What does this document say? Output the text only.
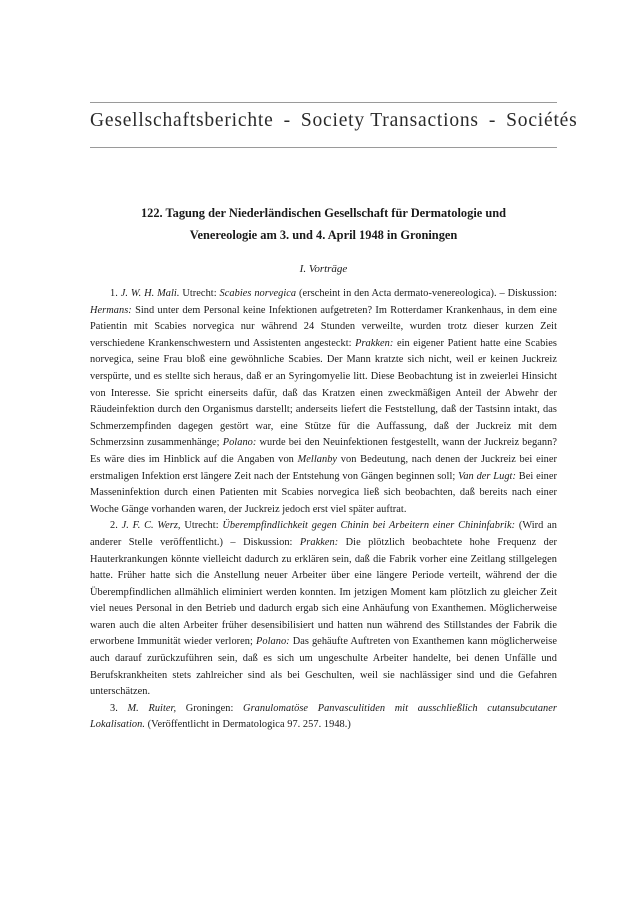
Gesellschaftsberichte - Society Transactions - Sociétés
122. Tagung der Niederländischen Gesellschaft für Dermatologie und
Venereologie am 3. und 4. April 1948 in Groningen
I. Vorträge

1. J. W. H. Mali. Utrecht: Scabies norvegica (erscheint in den Acta dermato-venereologica). – Diskussion: Hermans: Sind unter dem Personal keine Infektionen aufgetreten? Im Rotterdamer Krankenhaus, in dem eine Patientin mit Scabies norvegica nur während 24 Stunden verweilte, wurden trotz dieser kurzen Zeit verschiedene Krankenschwestern und Assistenten angesteckt: Prakken: ein eigener Patient hatte eine Scabies norvegica, seine Frau bloß eine gewöhnliche Scabies. Der Mann kratzte sich nicht, weil er keinen Juckreiz verspürte, und es stellte sich heraus, daß er an Syringomyelie litt. Diese Beobachtung ist in zweierlei Hinsicht von Interesse. Sie spricht einerseits dafür, daß das Kratzen einen zweckmäßigen Anteil der Abwehr der Räudeinfektion durch den Organismus darstellt; anderseits liefert die Feststellung, daß der Tastsinn intakt, das Schmerzempfinden dagegen gestört war, eine Stütze für die Auffassung, daß der Juckreiz mit dem Schmerzsinn zusammenhänge; Polano: wurde bei den Neuinfektionen festgestellt, wann der Juckreiz begann? Es wäre dies im Hinblick auf die Angaben von Mellanby von Bedeutung, nach denen der Juckreiz bei einer erstmaligen Infektion erst längere Zeit nach der Entstehung von Gängen beginnen soll; Van der Lugt: Bei einer Masseninfektion durch einen Patienten mit Scabies norvegica ließ sich beobachten, daß bereits nach einer Woche Gänge vorhanden waren, der Juckreiz jedoch erst viel später auftrat.

2. J. F. C. Werz, Utrecht: Überempfindlichkeit gegen Chinin bei Arbeitern einer Chininfabrik: (Wird an anderer Stelle veröffentlicht.) – Diskussion: Prakken: Die plötzlich beobachtete hohe Frequenz der Hauterkrankungen könnte vielleicht dadurch zu erklären sein, daß die Fabrik vorher eine Zeitlang stillgelegen hatte. Früher hatte sich die Anstellung neuer Arbeiter über eine längere Periode verteilt, während der die Überempfindlichen allmählich eliminiert werden konnten. Im jetzigen Moment kam plötzlich zu gleicher Zeit viel neues Personal in den Betrieb und dadurch ergab sich eine Anhäufung von Exanthemen. Möglicherweise waren auch die alten Arbeiter früher desensibilisiert und hatten nun während des Stillstandes der Fabrik die erworbene Immunität wieder verloren; Polano: Das gehäufte Auftreten von Exanthemen kann möglicherweise auch darauf zurückzuführen sein, daß es sich um ungeschulte Arbeiter handelte, bei denen Unfälle und Berufskrankheiten stets zahlreicher sind als bei Geschulten, weil sie nachlässiger sind und die Gefahren unterschätzen.

3. M. Ruiter, Groningen: Granulomatöse Panvasculitiden mit ausschließlich cutansubcutaner Lokalisation. (Veröffentlicht in Dermatologica 97. 257. 1948.)
